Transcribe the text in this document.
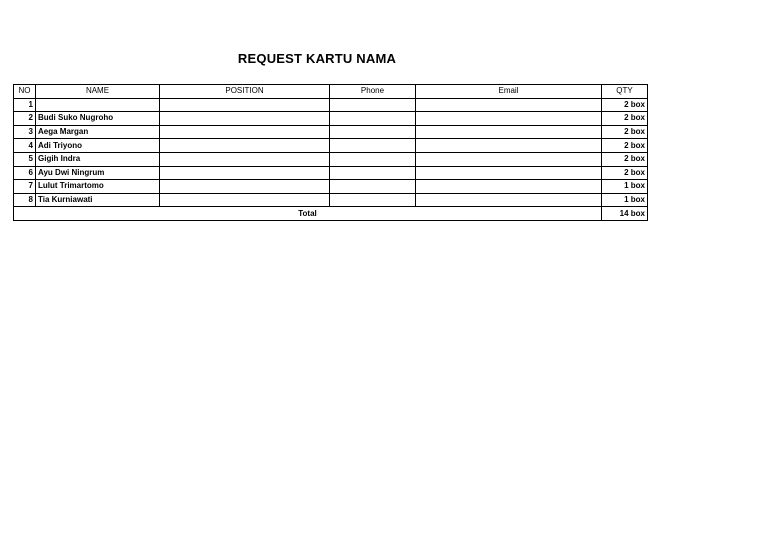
REQUEST KARTU NAMA
NO	NAME	POSITION	Phone	Email	QTY
1					2 box
2	Budi Suko Nugroho				2 box
3	Aega Margan				2 box
4	Adi Triyono				2 box
5	Gigih Indra				2 box
6	Ayu Dwi Ningrum				2 box
7	Lulut Trimartomo				1 box
8	Tia Kurniawati				1 box
Total					14 box
